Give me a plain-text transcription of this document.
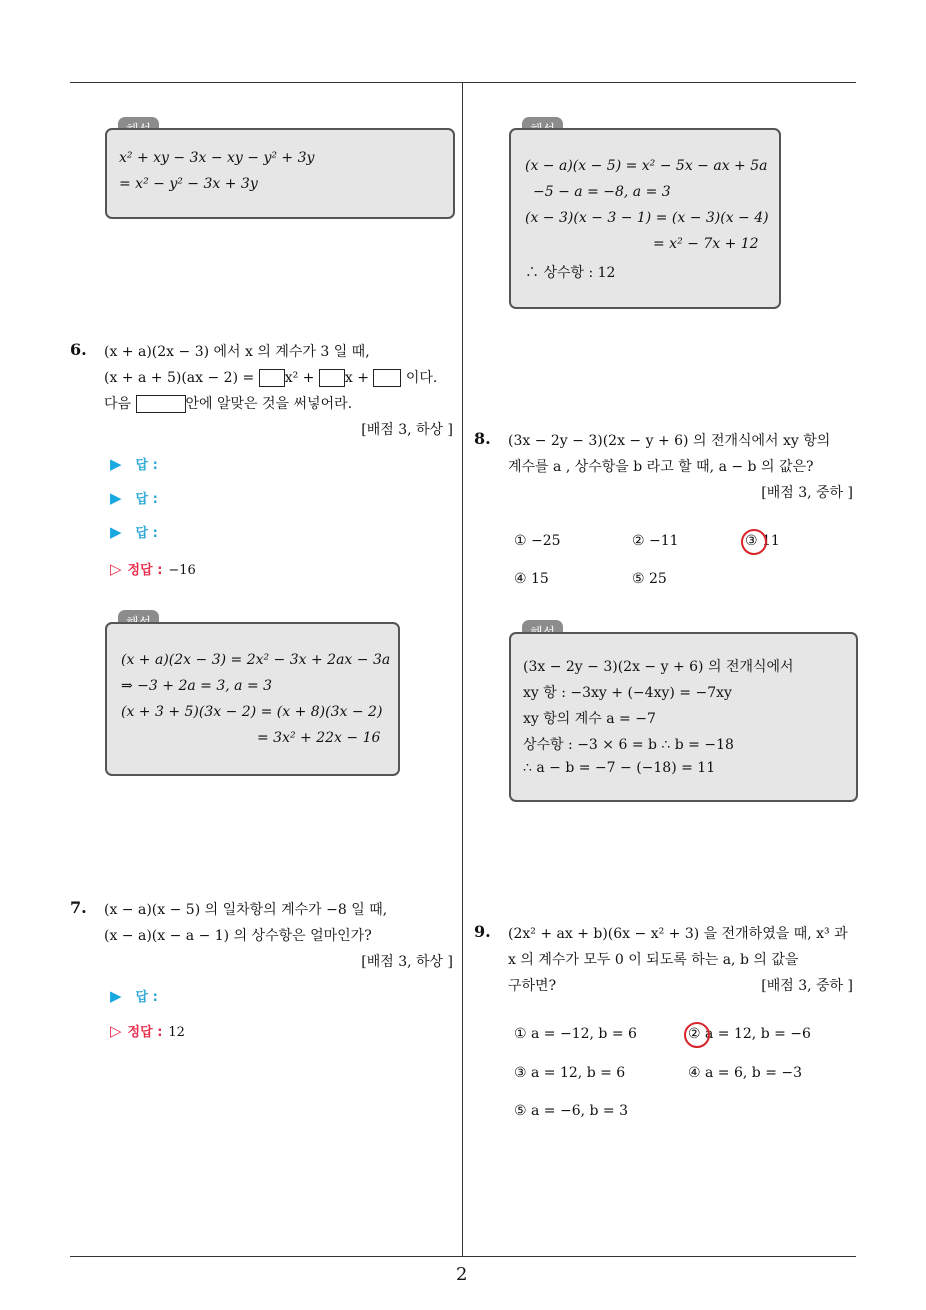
2
x² + xy − 3x − xy − y² + 3y
= x² − y² − 3x + 3y
6. (x + a)(2x − 3) 에서 x 의 계수가 3 일 때,
(x + a + 5)(ax − 2) = x² + x +	이다.
다음	안에 알맞은 것을 써넣어라.
[배점 3, 하상 ]
▶ 답 :
▶ 답 :
▶ 답 :
▷ 정답 : −16
(x + a)(2x − 3) = 2x² − 3x + 2ax − 3a
⇒ −3 + 2a = 3, a = 3
(x + 3 + 5)(3x − 2) = (x + 8)(3x − 2)
= 3x² + 22x − 16
7. (x − a)(x − 5) 의 일차항의 계수가 −8 일 때,
(x − a)(x − a − 1) 의 상수항은 얼마인가?
[배점 3, 하상 ]
▶ 답 :
▷ 정답 : 12
(x − a)(x − 5) = x² − 5x − ax + 5a
−5 − a = −8, a = 3
(x − 3)(x − 3 − 1) = (x − 3)(x − 4)
= x² − 7x + 12
∴ 상수항 : 12
8. (3x − 2y − 3)(2x − y + 6) 의 전개식에서 xy 항의
계수를 a , 상수항을 b 라고 할 때, a − b 의 값은?
[배점 3, 중하 ]
① −25	② −11	③ 11
④ 15	⑤ 25
(3x − 2y − 3)(2x − y + 6) 의 전개식에서
xy 항 : −3xy + (−4xy) = −7xy
xy 항의 계수 a = −7
상수항 : −3 × 6 = b ∴ b = −18
∴ a − b = −7 − (−18) = 11
9. (2x² + ax + b)(6x − x² + 3) 을 전개하였을 때, x³ 과
x 의 계수가 모두 0 이 되도록 하는 a, b 의 값을
구하면?	[배점 3, 중하 ]
① a = −12, b = 6	② a = 12, b = −6
③ a = 12, b = 6	④ a = 6, b = −3
⑤ a = −6, b = 3
